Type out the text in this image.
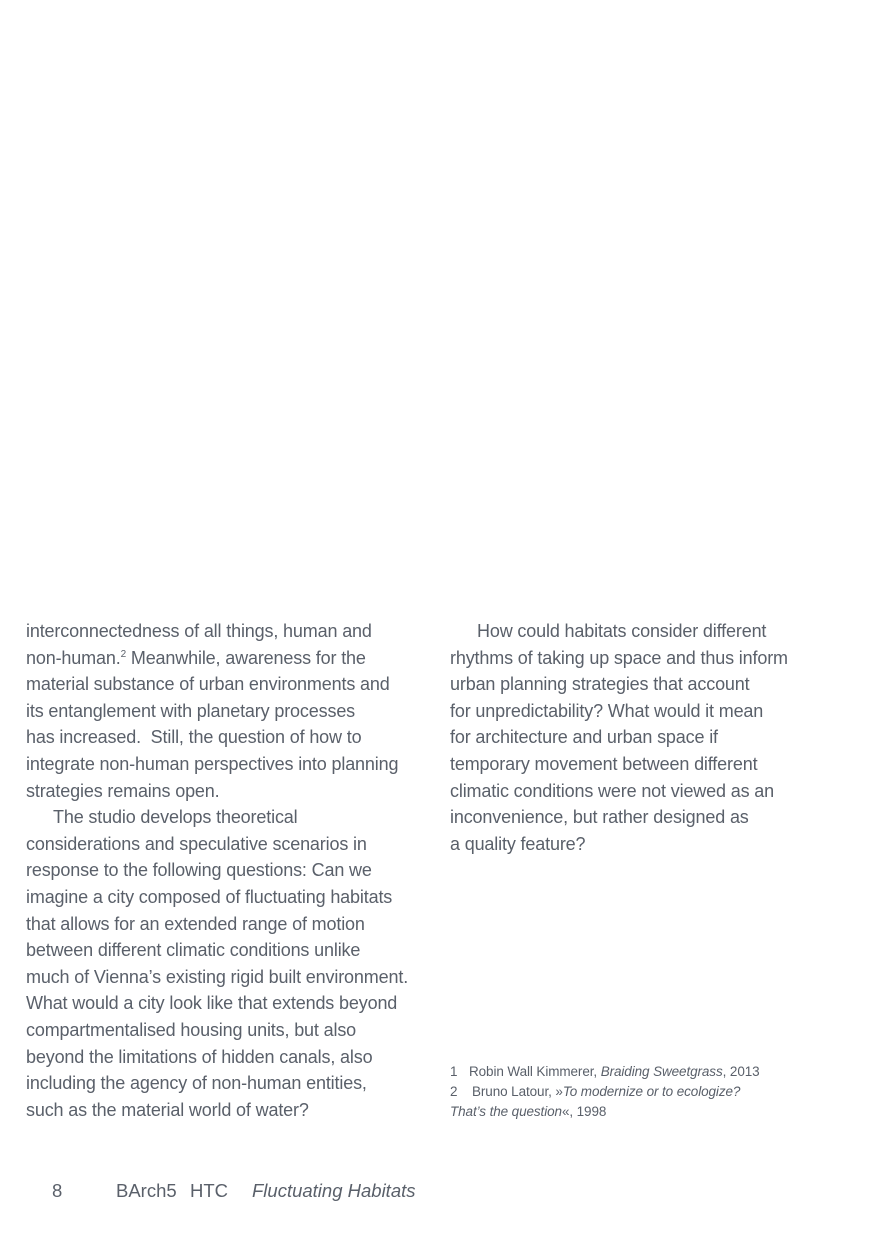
interconnectedness of all things, human and
non-human.$^2$ Meanwhile, awareness for the
material substance of urban environments and
its entanglement with planetary processes
has increased.  Still, the question of how to
integrate non-human perspectives into planning
strategies remains open.
The studio develops theoretical
considerations and speculative scenarios in
response to the following questions: Can we
imagine a city composed of fluctuating habitats
that allows for an extended range of motion
between different climatic conditions unlike
much of Vienna’s existing rigid built environment.
What would a city look like that extends beyond
compartmentalised housing units, but also
beyond the limitations of hidden canals, also
including the agency of non-human entities,
such as the material world of water?
How could habitats consider different
rhythms of taking up space and thus inform
urban planning strategies that account
for unpredictability? What would it mean
for architecture and urban space if
temporary movement between different
climatic conditions were not viewed as an
inconvenience, but rather designed as
a quality feature?
1 Robin Wall Kimmerer, Braiding Sweetgrass, 2013
2 Bruno Latour, »To modernize or to ecologize?
That’s the question«, 1998
8	BArch5 HTC Fluctuating Habitats
